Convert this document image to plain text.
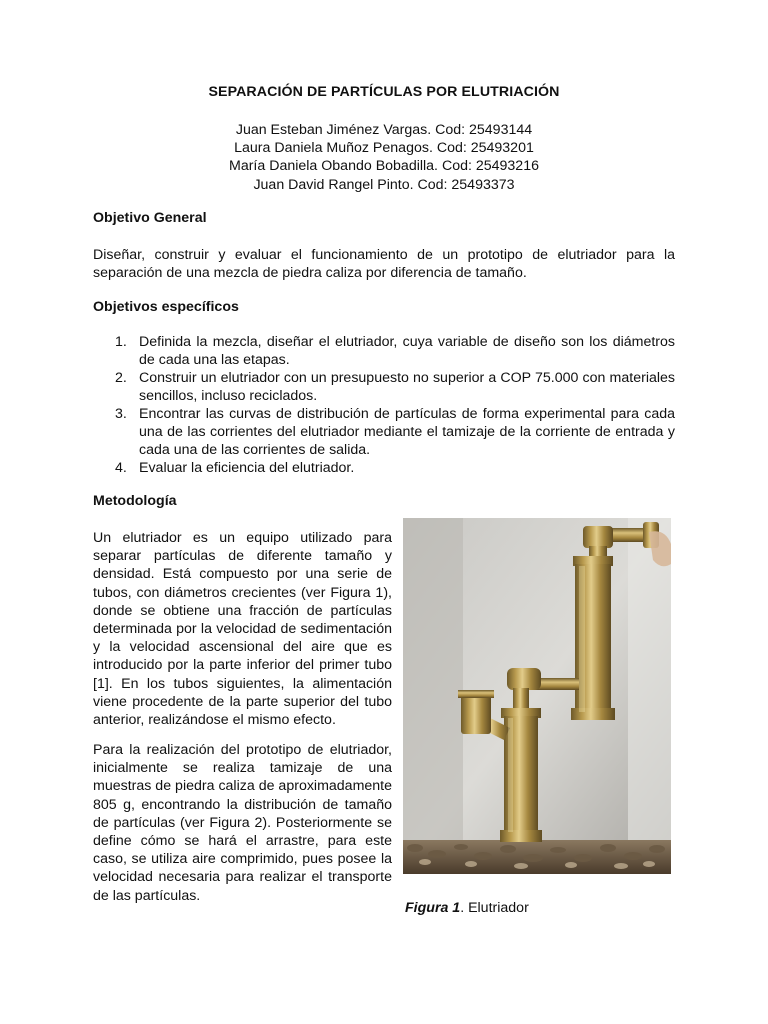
SEPARACIÓN DE PARTÍCULAS POR ELUTRIACIÓN
Juan Esteban Jiménez Vargas. Cod: 25493144
Laura Daniela Muñoz Penagos. Cod: 25493201
María Daniela Obando Bobadilla. Cod: 25493216
Juan David Rangel Pinto. Cod: 25493373
Objetivo General

Diseñar, construir y evaluar el funcionamiento de un prototipo de elutriador para la separación de una mezcla de piedra caliza por diferencia de tamaño.

Objetivos específicos
1. Definida la mezcla, diseñar el elutriador, cuya variable de diseño son los diámetros de cada una las etapas.
2. Construir un elutriador con un presupuesto no superior a COP 75.000 con materiales sencillos, incluso reciclados.
3. Encontrar las curvas de distribución de partículas de forma experimental para cada una de las corrientes del elutriador mediante el tamizaje de la corriente de entrada y cada una de las corrientes de salida.
4. Evaluar la eficiencia del elutriador.
Metodología

Un elutriador es un equipo utilizado para separar partículas de diferente tamaño y densidad. Está compuesto por una serie de tubos, con diámetros crecientes (ver Figura 1), donde se obtiene una fracción de partículas determinada por la velocidad de sedimentación y la velocidad ascensional del aire que es introducido por la parte inferior del primer tubo [1]. En los tubos siguientes, la alimentación viene procedente de la parte superior del tubo anterior, realizándose el mismo efecto.

Para la realización del prototipo de elutriador, inicialmente se realiza tamizaje de una muestras de piedra caliza de aproximadamente 805 g, encontrando la distribución de tamaño de partículas (ver Figura 2). Posteriormente se define cómo se hará el arrastre, para este caso, se utiliza aire comprimido, pues posee la velocidad necesaria para realizar el transporte de las partículas.

Figura 1. Elutriador
